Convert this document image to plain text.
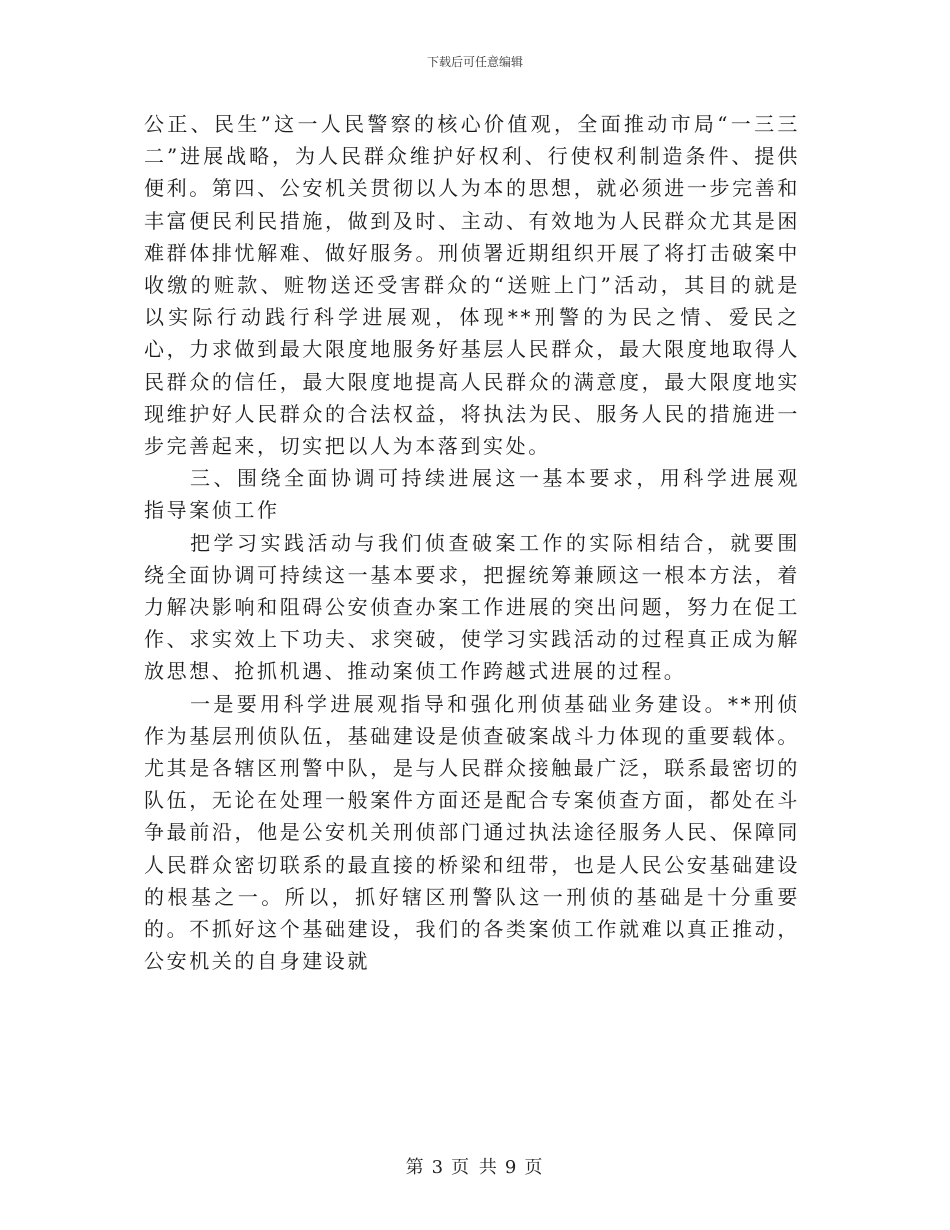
下载后可任意编辑

公正、民生”这一人民警察的核心价值观，全面推动市局“一三三二”进展战略，为人民群众维护好权利、行使权利制造条件、提供便利。第四、公安机关贯彻以人为本的思想，就必须进一步完善和丰富便民利民措施，做到及时、主动、有效地为人民群众尤其是困难群体排忧解难、做好服务。刑侦署近期组织开展了将打击破案中收缴的赃款、赃物送还受害群众的“送赃上门”活动，其目的就是以实际行动践行科学进展观，体现**刑警的为民之情、爱民之心，力求做到最大限度地服务好基层人民群众，最大限度地取得人民群众的信任，最大限度地提高人民群众的满意度，最大限度地实现维护好人民群众的合法权益，将执法为民、服务人民的措施进一步完善起来，切实把以人为本落到实处。

三、围绕全面协调可持续进展这一基本要求，用科学进展观指导案侦工作

把学习实践活动与我们侦查破案工作的实际相结合，就要围绕全面协调可持续这一基本要求，把握统筹兼顾这一根本方法，着力解决影响和阻碍公安侦查办案工作进展的突出问题，努力在促工作、求实效上下功夫、求突破，使学习实践活动的过程真正成为解放思想、抢抓机遇、推动案侦工作跨越式进展的过程。

一是要用科学进展观指导和强化刑侦基础业务建设。**刑侦作为基层刑侦队伍，基础建设是侦查破案战斗力体现的重要载体。尤其是各辖区刑警中队，是与人民群众接触最广泛，联系最密切的队伍，无论在处理一般案件方面还是配合专案侦查方面，都处在斗争最前沿，他是公安机关刑侦部门通过执法途径服务人民、保障同人民群众密切联系的最直接的桥梁和纽带，也是人民公安基础建设的根基之一。所以，抓好辖区刑警队这一刑侦的基础是十分重要的。不抓好这个基础建设，我们的各类案侦工作就难以真正推动，公安机关的自身建设就

第 3 页 共 9 页
